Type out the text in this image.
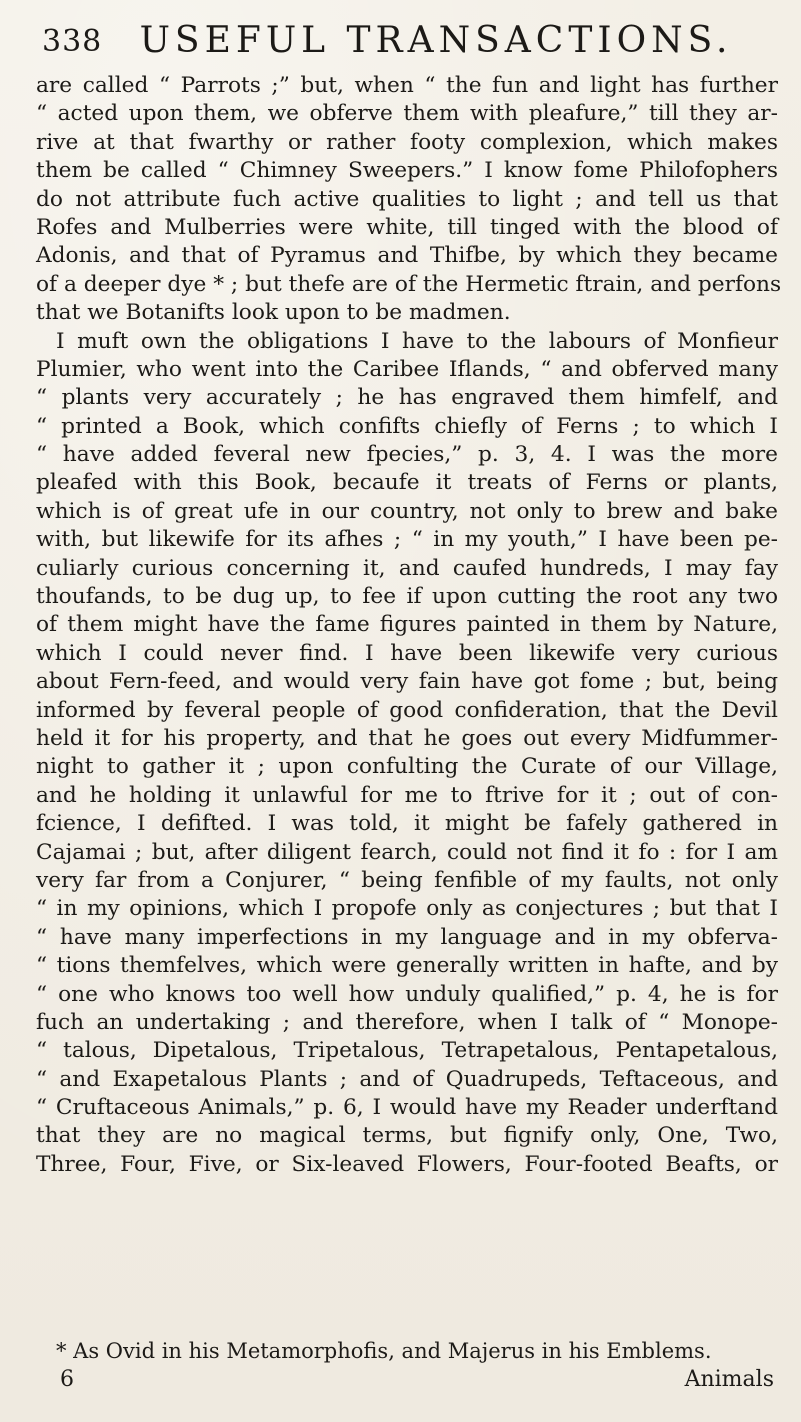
338	USEFUL TRANSACTIONS.
are called “ Parrots ;” but, when “ the fun and light has further
“ acted upon them, we obferve them with pleafure,” till they ar-
rive at that fwarthy or rather footy complexion, which makes
them be called “ Chimney Sweepers.” I know fome Philofophers
do not attribute fuch active qualities to light ; and tell us that
Rofes and Mulberries were white, till tinged with the blood of
Adonis, and that of Pyramus and Thifbe, by which they became
of a deeper dye * ; but thefe are of the Hermetic ftrain, and perfons
that we Botanifts look upon to be madmen.
I muft own the obligations I have to the labours of Monfieur
Plumier, who went into the Caribee Iflands, “ and obferved many
“ plants very accurately ; he has engraved them himfelf, and
“ printed a Book, which confifts chiefly of Ferns ; to which I
“ have added feveral new fpecies,” p. 3, 4. I was the more
pleafed with this Book, becaufe it treats of Ferns or plants,
which is of great ufe in our country, not only to brew and bake
with, but likewife for its afhes ; “ in my youth,” I have been pe-
culiarly curious concerning it, and caufed hundreds, I may fay
thoufands, to be dug up, to fee if upon cutting the root any two
of them might have the fame figures painted in them by Nature,
which I could never find. I have been likewife very curious
about Fern-feed, and would very fain have got fome ; but, being
informed by feveral people of good confideration, that the Devil
held it for his property, and that he goes out every Midfummer-
night to gather it ; upon confulting the Curate of our Village,
and he holding it unlawful for me to ftrive for it ; out of con-
fcience, I defifted. I was told, it might be fafely gathered in
Cajamai ; but, after diligent fearch, could not find it fo : for I am
very far from a Conjurer, “ being fenfible of my faults, not only
“ in my opinions, which I propofe only as conjectures ; but that I
“ have many imperfections in my language and in my obferva-
“ tions themfelves, which were generally written in hafte, and by
“ one who knows too well how unduly qualified,” p. 4, he is for
fuch an undertaking ; and therefore, when I talk of “ Monope-
“ talous, Dipetalous, Tripetalous, Tetrapetalous, Pentapetalous,
“ and Exapetalous Plants ; and of Quadrupeds, Teftaceous, and
“ Cruftaceous Animals,” p. 6, I would have my Reader underftand
that they are no magical terms, but fignify only, One, Two,
Three, Four, Five, or Six-leaved Flowers, Four-footed Beafts, or
* As Ovid in his Metamorphofis, and Majerus in his Emblems.
6	Animals
